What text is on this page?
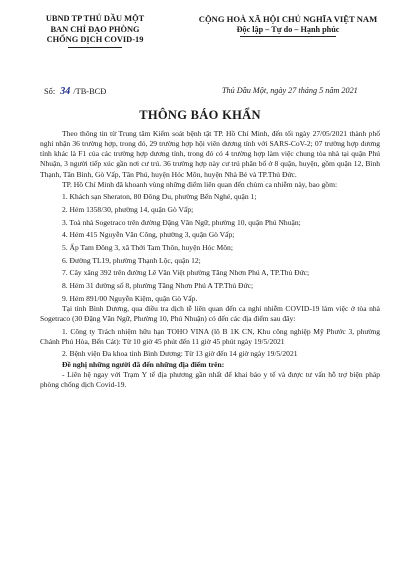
UBND TP THỦ DẦU MỘT
BAN CHỈ ĐẠO PHÒNG
CHỐNG DỊCH COVID-19
CỘNG HOÀ XÃ HỘI CHỦ NGHĨA VIỆT NAM
Độc lập – Tự do – Hạnh phúc
Số: 34 /TB-BCĐ	Thủ Dầu Một, ngày 27 tháng 5 năm 2021
THÔNG BÁO KHẨN

Theo thông tin từ Trung tâm Kiểm soát bệnh tật TP. Hồ Chí Minh, đến tối ngày 27/05/2021 thành phố nghi nhận 36 trường hợp, trong đó, 29 trường hợp hội viên dương tính với SARS-CoV-2; 07 trường hợp dương tính khác là F1 của các trường hợp dương tính, trong đó có 4 trường hợp làm việc chung tòa nhà tại quận Phú Nhuận, 3 người tiếp xúc gần nơi cư trú. 36 trường hợp này cư trú phân bố ở 8 quận, huyện, gồm quận 12, Bình Thạnh, Tân Bình, Gò Vấp, Tân Phú, huyện Hóc Môn, huyện Nhà Bè và TP.Thủ Đức.

TP. Hồ Chí Minh đã khoanh vùng những điểm liên quan đến chùm ca nhiễm này, bao gồm:

1. Khách sạn Sheraton, 80 Đông Du, phường Bến Nghé, quận 1;

2. Hẻm 1358/30, phường 14, quận Gò Vấp;

3. Toà nhà Sogetraco trên đường Đặng Văn Ngữ, phường 10, quận Phú Nhuận;

4. Hẻm 415 Nguyễn Văn Công, phường 3, quận Gò Vấp;

5. Ấp Tam Đông 3, xã Thới Tam Thôn, huyện Hóc Môn;

6. Đường TL19, phường Thạnh Lộc, quận 12;

7. Cây xăng 392 trên đường Lê Văn Việt phường Tăng Nhơn Phú A, TP.Thủ Đức;

8. Hẻm 31 đường số 8, phường Tăng Nhơn Phú A TP.Thủ Đức;

9. Hẻm 891/00 Nguyễn Kiệm, quận Gò Vấp.

Tại tỉnh Bình Dương, qua điều tra dịch tễ liên quan đến ca nghi nhiễm COVID-19 làm việc ở tòa nhà Sogetraco (30 Đặng Văn Ngữ, Phường 10, Phú Nhuận) có đến các địa điểm sau đây:

1. Công ty Trách nhiệm hữu hạn TOHO VINA (lô B 1K CN, Khu công nghiệp Mỹ Phước 3, phường Chánh Phú Hòa, Bến Cát): Từ 10 giờ 45 phút đến 11 giờ 45 phút ngày 19/5/2021

2. Bệnh viện Đa khoa tỉnh Bình Dương: Từ 13 giờ đến 14 giờ ngày 19/5/2021

Đề nghị những người đã đến những địa điểm trên:

- Liên hệ ngay với Trạm Y tế địa phương gần nhất để khai báo y tế và được tư vấn hỗ trợ biện pháp phòng chống dịch Covid-19.
